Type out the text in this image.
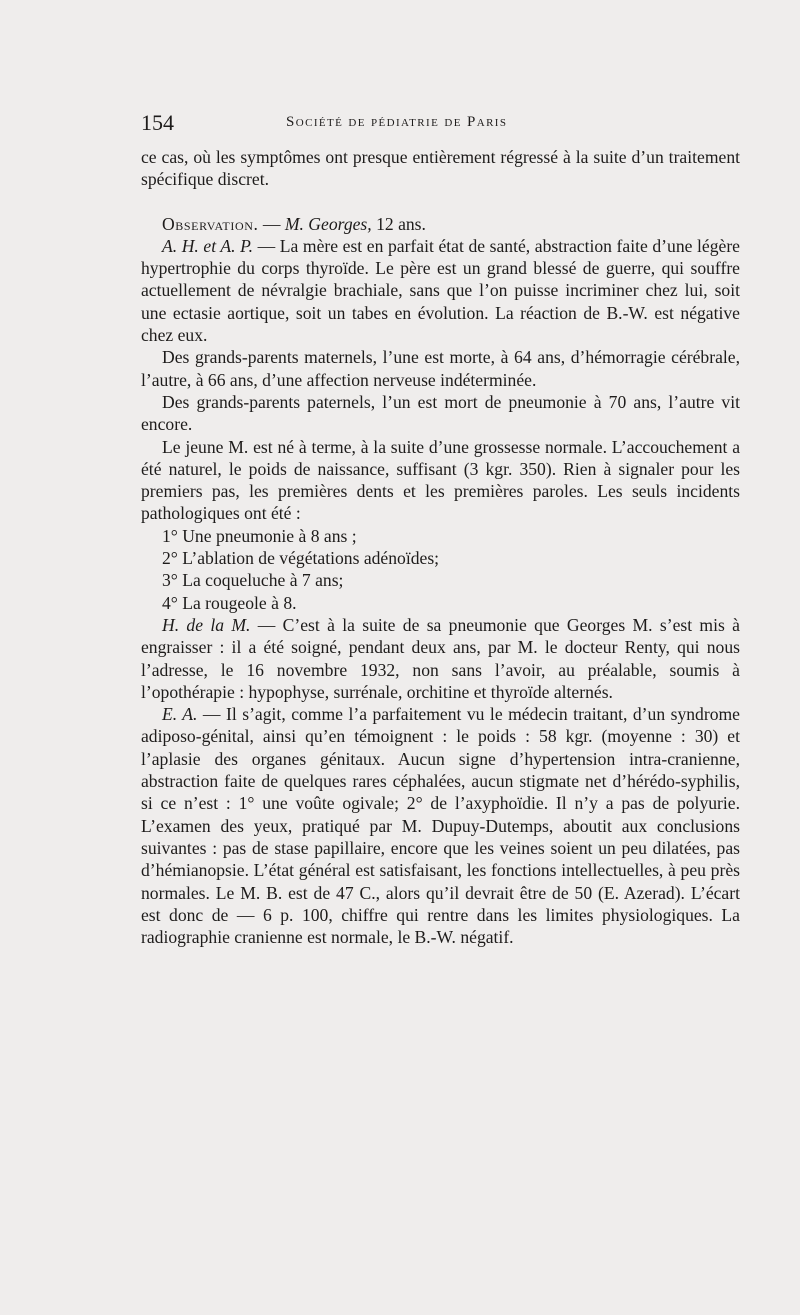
154	Société de pédiatrie de Paris

ce cas, où les symptômes ont presque entièrement régressé à la suite d’un traitement spécifique discret.

Observation. — M. Georges, 12 ans.

A. H. et A. P. — La mère est en parfait état de santé, abstraction faite d’une légère hypertrophie du corps thyroïde. Le père est un grand blessé de guerre, qui souffre actuellement de névralgie brachiale, sans que l’on puisse incriminer chez lui, soit une ectasie aortique, soit un tabes en évolution. La réaction de B.-W. est négative chez eux.

Des grands-parents maternels, l’une est morte, à 64 ans, d’hémorragie cérébrale, l’autre, à 66 ans, d’une affection nerveuse indéterminée.

Des grands-parents paternels, l’un est mort de pneumonie à 70 ans, l’autre vit encore.

Le jeune M. est né à terme, à la suite d’une grossesse normale. L’accouchement a été naturel, le poids de naissance, suffisant (3 kgr. 350). Rien à signaler pour les premiers pas, les premières dents et les premières paroles. Les seuls incidents pathologiques ont été :

1° Une pneumonie à 8 ans ;

2° L’ablation de végétations adénoïdes;

3° La coqueluche à 7 ans;

4° La rougeole à 8.

H. de la M. — C’est à la suite de sa pneumonie que Georges M. s’est mis à engraisser : il a été soigné, pendant deux ans, par M. le docteur Renty, qui nous l’adresse, le 16 novembre 1932, non sans l’avoir, au préalable, soumis à l’opothérapie : hypophyse, surrénale, orchitine et thyroïde alternés.

E. A. — Il s’agit, comme l’a parfaitement vu le médecin traitant, d’un syndrome adiposo-génital, ainsi qu’en témoignent : le poids : 58 kgr. (moyenne : 30) et l’aplasie des organes génitaux. Aucun signe d’hypertension intra-cranienne, abstraction faite de quelques rares céphalées, aucun stigmate net d’hérédo-syphilis, si ce n’est : 1° une voûte ogivale; 2° de l’axyphoïdie. Il n’y a pas de polyurie. L’examen des yeux, pratiqué par M. Dupuy-Dutemps, aboutit aux conclusions suivantes : pas de stase papillaire, encore que les veines soient un peu dilatées, pas d’hémianopsie. L’état général est satisfaisant, les fonctions intellectuelles, à peu près normales. Le M. B. est de 47 C., alors qu’il devrait être de 50 (E. Azerad). L’écart est donc de — 6 p. 100, chiffre qui rentre dans les limites physiologiques. La radiographie cranienne est normale, le B.-W. négatif.
